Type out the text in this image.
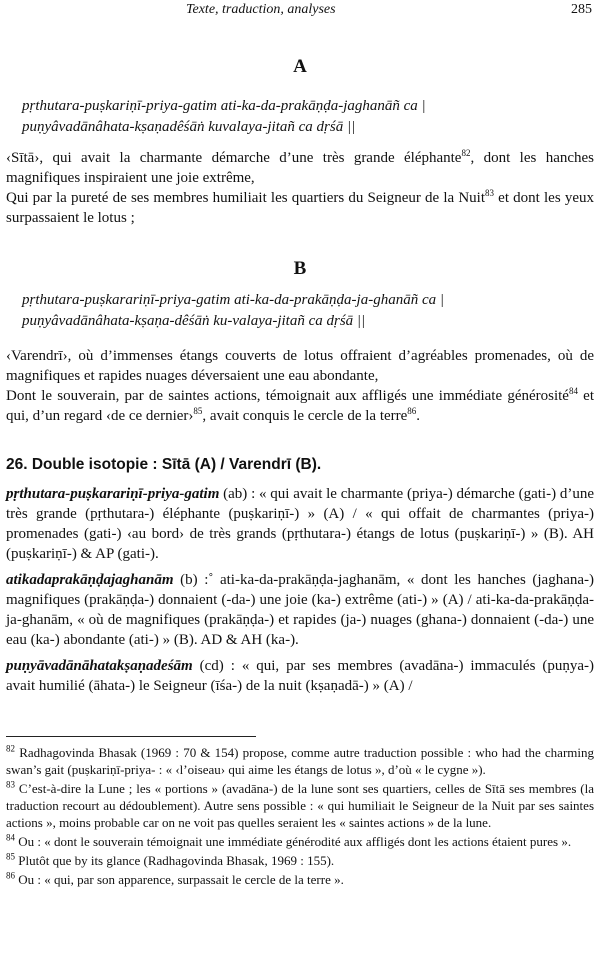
Texte, traduction, analyses	285
A
pṛthutara-puṣkariṇī-priya-gatim ati-ka-da-prakāṇḍa-jaghanāñ ca |
puṇyâvadānâhata-kṣaṇadêśāṅ kuvalaya-jitañ ca dṛśā ||

‹Sītā›, qui avait la charmante démarche d’une très grande éléphante$^{82}$, dont les hanches magnifiques inspiraient une joie extrême,

Qui par la pureté de ses membres humiliait les quartiers du Seigneur de la Nuit$^{83}$ et dont les yeux surpassaient le lotus ;

B
pṛthutara-puṣkarariṇī-priya-gatim ati-ka-da-prakāṇḍa-ja-ghanāñ ca |
puṇyâvadānâhata-kṣaṇa-dêśāṅ ku-valaya-jitañ ca dṛśā ||

‹Varendrī›, où d’immenses étangs couverts de lotus offraient d’agréables promenades, où de magnifiques et rapides nuages déversaient une eau abondante,

Dont le souverain, par de saintes actions, témoignait aux affligés une immédiate générosité$^{84}$ et qui, d’un regard ‹de ce dernier›$^{85}$, avait conquis le cercle de la terre$^{86}$.

26. Double isotopie : Sītā (A) / Varendrī (B).

pṛthutara-puṣkarariṇī-priya-gatim (ab) : « qui avait le charmante (priya-) démarche (gati-) d’une très grande (pṛthutara-) éléphante (puṣkariṇī-) » (A) / « qui offait de charmantes (priya-) promenades (gati-) ‹au bord› de très grands (pṛthutara-) étangs de lotus (puṣkariṇī-) » (B). AH (puṣkariṇī-) & AP (gati-).

atikadaprakāṇḍajaghanām (b) :˚ ati-ka-da-prakāṇḍa-jaghanām, « dont les hanches (jaghana-) magnifiques (prakāṇḍa-) donnaient (-da-) une joie (ka-) extrême (ati-) » (A) / ati-ka-da-prakāṇḍa-ja-ghanām, « où de magnifiques (prakāṇḍa-) et rapides (ja-) nuages (ghana-) donnaient (-da-) une eau (ka-) abondante (ati-) » (B). AD & AH (ka-).

puṇyāvadānāhatakṣaṇadeśām (cd) : « qui, par ses membres (avadāna-) immaculés (puṇya-) avait humilié (āhata-) le Seigneur (īśa-) de la nuit (kṣaṇadā-) » (A) /

$^{82}$ Radhagovinda Bhasak (1969 : 70 & 154) propose, comme autre traduction possible : who had the charming swan’s gait (puṣkariṇī-priya- : « ‹l’oiseau› qui aime les étangs de lotus », d’où « le cygne »).

$^{83}$ C’est-à-dire la Lune ; les « portions » (avadāna-) de la lune sont ses quartiers, celles de Sītā ses membres (la traduction recourt au dédoublement). Autre sens possible : « qui humiliait le Seigneur de la Nuit par ses saintes actions », moins probable car on ne voit pas quelles seraient les « saintes actions » de la lune.

$^{84}$ Ou : « dont le souverain témoignait une immédiate générodité aux affligés dont les actions étaient pures ».

$^{85}$ Plutôt que by its glance (Radhagovinda Bhasak, 1969 : 155).

$^{86}$ Ou : « qui, par son apparence, surpassait le cercle de la terre ».
